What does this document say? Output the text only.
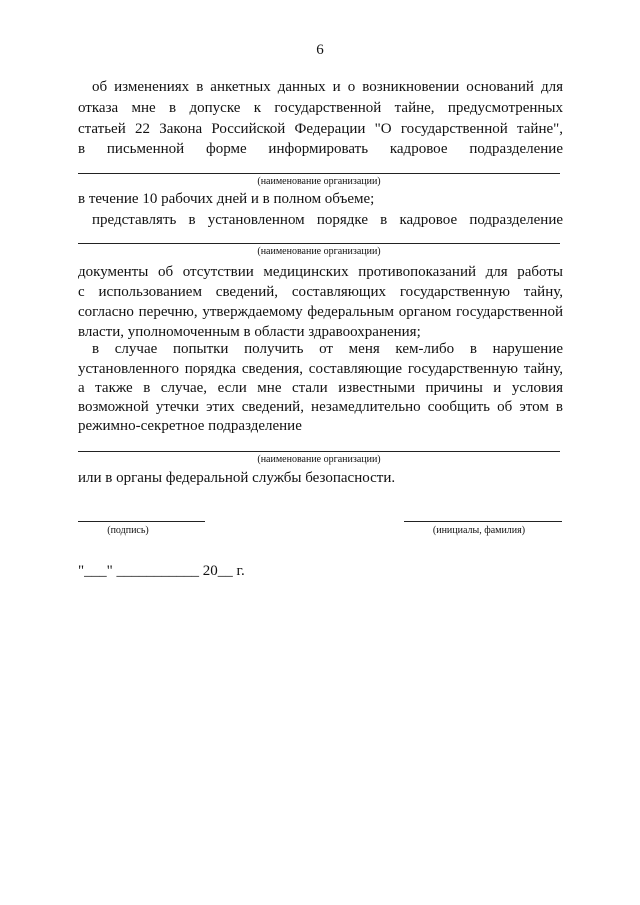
6
об изменениях в анкетных данных и о возникновении оснований для
отказа мне в допуске к государственной тайне, предусмотренных
статьей 22 Закона Российской Федерации "О государственной тайне",
в письменной форме информировать кадровое подразделение
(наименование организации)
в течение 10 рабочих дней и в полном объеме;
представлять в установленном порядке в кадровое подразделение
(наименование организации)
документы об отсутствии медицинских противопоказаний для работы
с использованием сведений, составляющих государственную тайну,
согласно перечню, утверждаемому федеральным органом государственной
власти, уполномоченным в области здравоохранения;
в случае попытки получить от меня кем-либо в нарушение
установленного порядка сведения, составляющие государственную тайну,
а также в случае, если мне стали известными причины и условия
возможной утечки этих сведений, незамедлительно сообщить об этом в
режимно-секретное подразделение
(наименование организации)
или в органы федеральной службы безопасности.
(подпись)	(инициалы, фамилия)
"___" ___________ 20__ г.
